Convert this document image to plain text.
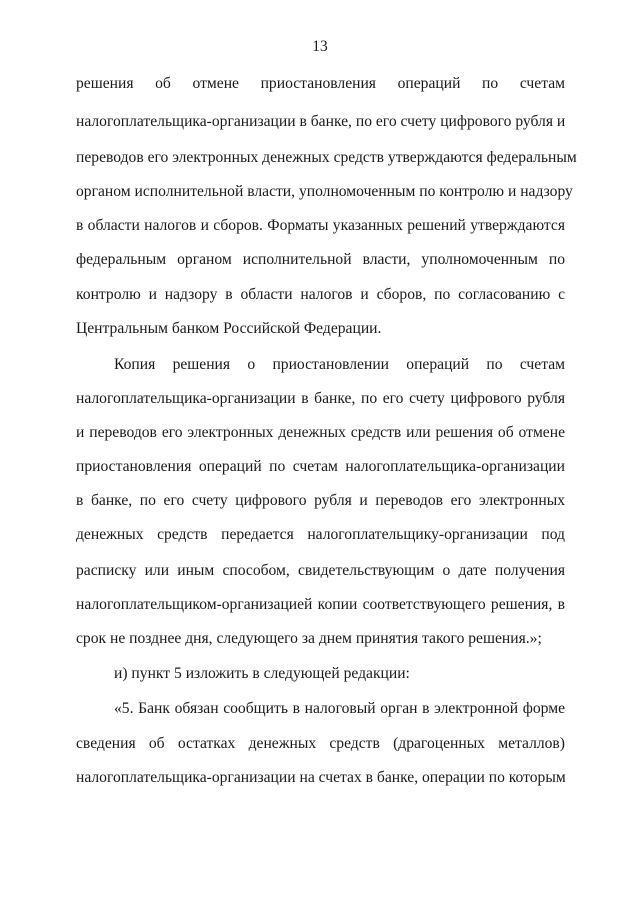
13
решения об отмене приостановления операций по счетам
налогоплательщика-организации в банке, по его счету цифрового рубля и
переводов его электронных денежных средств утверждаются федеральным
органом исполнительной власти, уполномоченным по контролю и надзору
в области налогов и сборов. Форматы указанных решений утверждаются
федеральным органом исполнительной власти, уполномоченным по
контролю и надзору в области налогов и сборов, по согласованию с
Центральным банком Российской Федерации.
Копия решения о приостановлении операций по счетам
налогоплательщика-организации в банке, по его счету цифрового рубля
и переводов его электронных денежных средств или решения об отмене
приостановления операций по счетам налогоплательщика-организации
в банке, по его счету цифрового рубля и переводов его электронных
денежных средств передается налогоплательщику-организации под
расписку или иным способом, свидетельствующим о дате получения
налогоплательщиком-организацией копии соответствующего решения, в
срок не позднее дня, следующего за днем принятия такого решения.»;
и) пункт 5 изложить в следующей редакции:
«5. Банк обязан сообщить в налоговый орган в электронной форме
сведения об остатках денежных средств (драгоценных металлов)
налогоплательщика-организации на счетах в банке, операции по которым
